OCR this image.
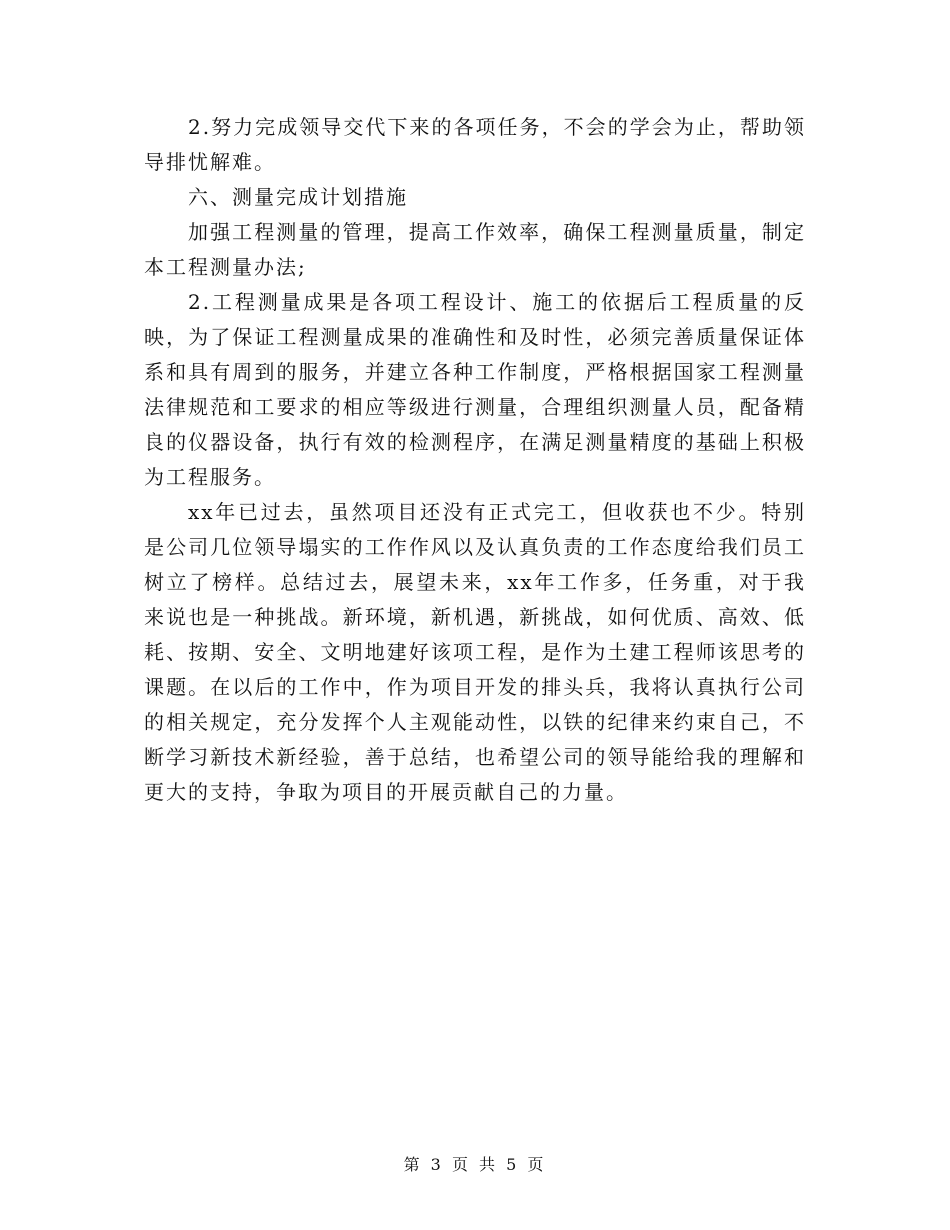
2.努力完成领导交代下来的各项任务，不会的学会为止，帮助领导排忧解难。

六、测量完成计划措施

加强工程测量的管理，提高工作效率，确保工程测量质量，制定本工程测量办法;

2.工程测量成果是各项工程设计、施工的依据后工程质量的反映，为了保证工程测量成果的准确性和及时性，必须完善质量保证体系和具有周到的服务，并建立各种工作制度，严格根据国家工程测量法律规范和工要求的相应等级进行测量，合理组织测量人员，配备精良的仪器设备，执行有效的检测程序，在满足测量精度的基础上积极为工程服务。

xx年已过去，虽然项目还没有正式完工，但收获也不少。特别是公司几位领导塌实的工作作风以及认真负责的工作态度给我们员工树立了榜样。总结过去，展望未来，xx年工作多，任务重，对于我来说也是一种挑战。新环境，新机遇，新挑战，如何优质、高效、低耗、按期、安全、文明地建好该项工程，是作为土建工程师该思考的课题。在以后的工作中，作为项目开发的排头兵，我将认真执行公司的相关规定，充分发挥个人主观能动性，以铁的纪律来约束自己，不断学习新技术新经验，善于总结，也希望公司的领导能给我的理解和更大的支持，争取为项目的开展贡献自己的力量。

第 3 页 共 5 页
